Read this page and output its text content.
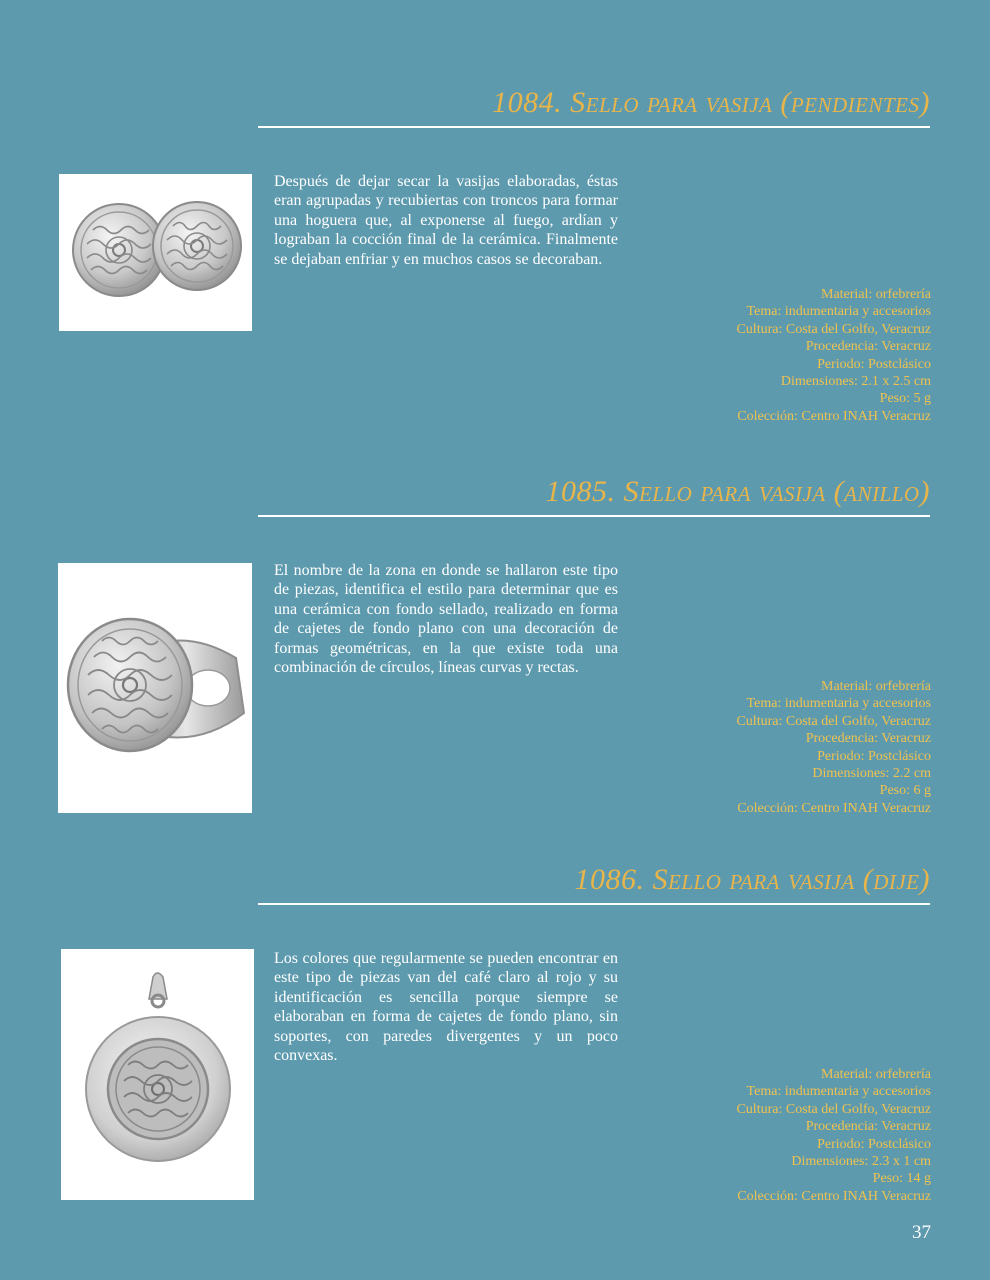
1084. Sello para vasija (pendientes)

Después de dejar secar la vasijas elaboradas, éstas eran agrupadas y recubiertas con troncos para formar una hoguera que, al exponerse al fuego, ardían y lograban la cocción final de la cerámica. Finalmente se dejaban enfriar y en muchos casos se decoraban.

Material: orfebrería
Tema: indumentaria y accesorios
Cultura: Costa del Golfo, Veracruz
Procedencia: Veracruz
Periodo: Postclásico
Dimensiones: 2.1 x 2.5 cm
Peso: 5 g
Colección: Centro INAH Veracruz
1085. Sello para vasija (anillo)

El nombre de la zona en donde se hallaron este tipo de piezas, identifica el estilo para determinar que es una cerámica con fondo sellado, realizado en forma de cajetes de fondo plano con una decoración de formas geométricas, en la que existe toda una combinación de círculos, líneas curvas y rectas.

Material: orfebrería
Tema: indumentaria y accesorios
Cultura: Costa del Golfo, Veracruz
Procedencia: Veracruz
Periodo: Postclásico
Dimensiones: 2.2 cm
Peso: 6 g
Colección: Centro INAH Veracruz
1086. Sello para vasija (dije)

Los colores que regularmente se pueden encontrar en este tipo de piezas van del café claro al rojo y su identificación es sencilla porque siempre se elaboraban en forma de cajetes de fondo plano, sin soportes, con paredes divergentes y un poco convexas.

Material: orfebrería
Tema: indumentaria y accesorios
Cultura: Costa del Golfo, Veracruz
Procedencia: Veracruz
Periodo: Postclásico
Dimensiones: 2.3 x 1 cm
Peso: 14 g
Colección: Centro INAH Veracruz
37
